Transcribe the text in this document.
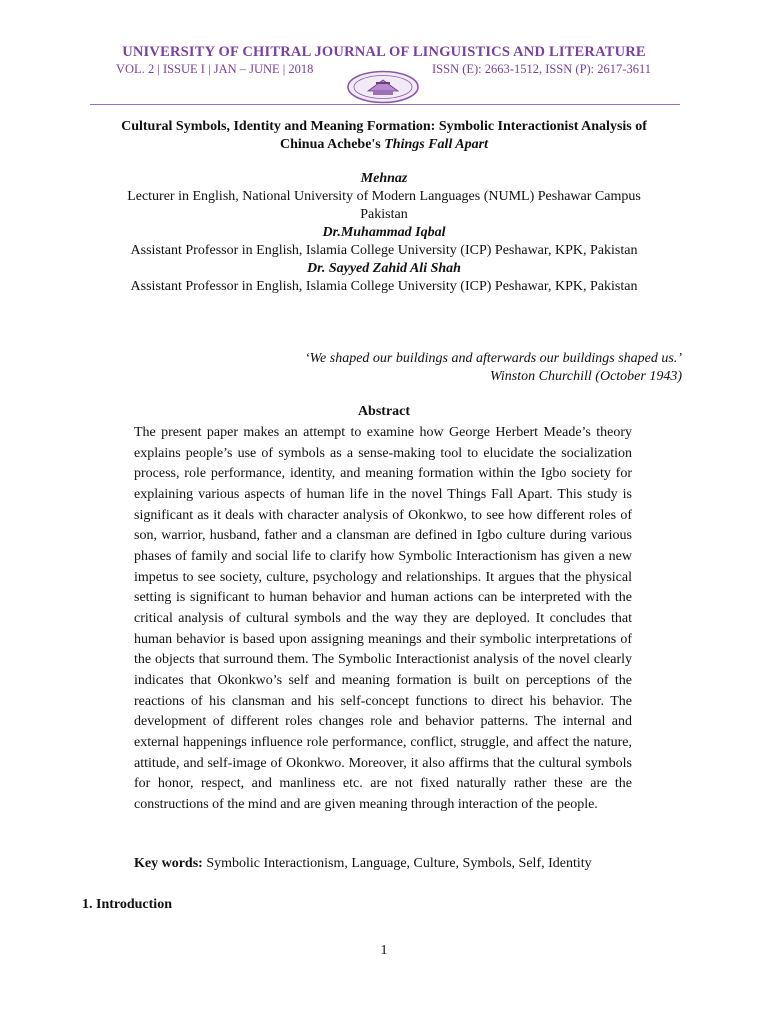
UNIVERSITY OF CHITRAL JOURNAL OF LINGUISTICS AND LITERATURE
VOL. 2 | ISSUE I | JAN – JUNE | 2018	ISSN (E): 2663-1512, ISSN (P): 2617-3611
Cultural Symbols, Identity and Meaning Formation: Symbolic Interactionist Analysis of
Chinua Achebe's Things Fall Apart
Mehnaz
Lecturer in English, National University of Modern Languages (NUML) Peshawar Campus
Pakistan
Dr.Muhammad Iqbal
Assistant Professor in English, Islamia College University (ICP) Peshawar, KPK, Pakistan
Dr. Sayyed Zahid Ali Shah
Assistant Professor in English, Islamia College University (ICP) Peshawar, KPK, Pakistan
‘We shaped our buildings and afterwards our buildings shaped us.’
Winston Churchill (October 1943)
Abstract
The present paper makes an attempt to examine how George Herbert Meade’s theory explains people’s use of symbols as a sense-making tool to elucidate the socialization process, role performance, identity, and meaning formation within the Igbo society for explaining various aspects of human life in the novel Things Fall Apart. This study is significant as it deals with character analysis of Okonkwo, to see how different roles of son, warrior, husband, father and a clansman are defined in Igbo culture during various phases of family and social life to clarify how Symbolic Interactionism has given a new impetus to see society, culture, psychology and relationships. It argues that the physical setting is significant to human behavior and human actions can be interpreted with the critical analysis of cultural symbols and the way they are deployed. It concludes that human behavior is based upon assigning meanings and their symbolic interpretations of the objects that surround them. The Symbolic Interactionist analysis of the novel clearly indicates that Okonkwo’s self and meaning formation is built on perceptions of the reactions of his clansman and his self-concept functions to direct his behavior. The development of different roles changes role and behavior patterns. The internal and external happenings influence role performance, conflict, struggle, and affect the nature, attitude, and self-image of Okonkwo. Moreover, it also affirms that the cultural symbols for honor, respect, and manliness etc. are not fixed naturally rather these are the constructions of the mind and are given meaning through interaction of the people.
Key words: Symbolic Interactionism, Language, Culture, Symbols, Self, Identity
1. Introduction
1
